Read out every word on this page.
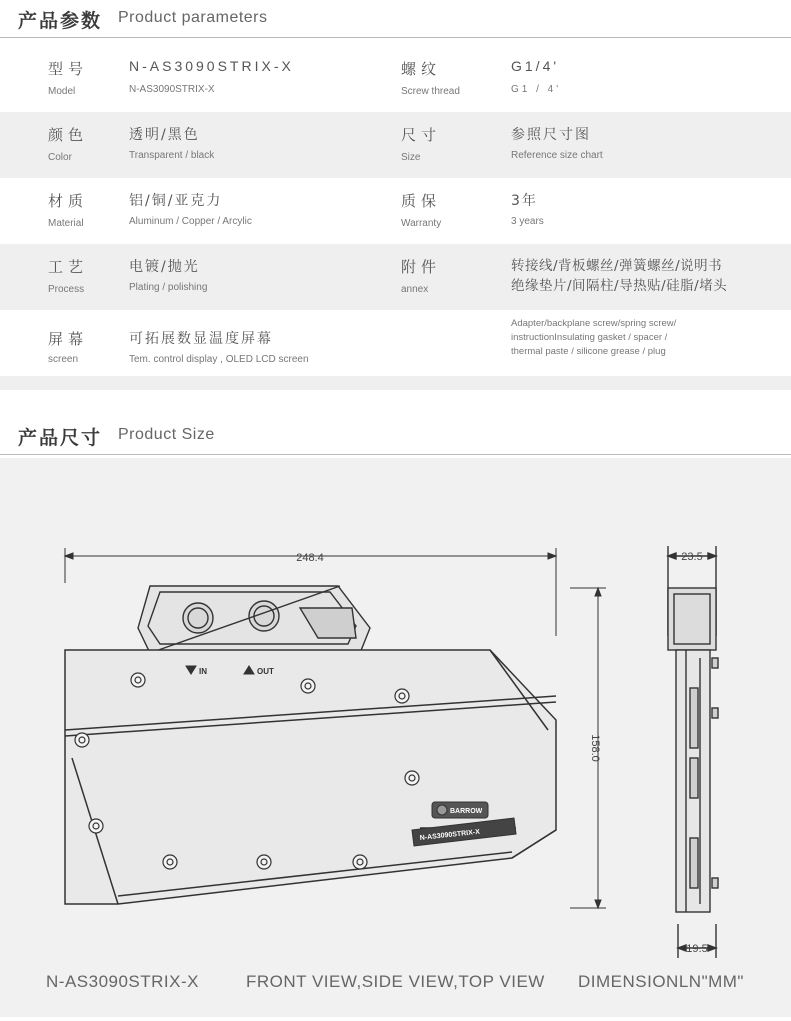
产品参数 Product parameters
型号
Model
N-AS3090STRIX-X
N-AS3090STRIX-X
螺纹
Screw thread
G1/4'
G1 / 4'
颜色
Color
透明/黑色
Transparent / black
尺寸
Size
参照尺寸图
Reference size chart
材质
Material
铝/铜/亚克力
Aluminum / Copper / Arcylic
质保
Warranty
3年
3 years
工艺
Process
电镀/抛光
Plating / polishing
附件
annex
转接线/背板螺丝/弹簧螺丝/说明书
绝缘垫片/间隔柱/导热贴/硅脂/堵头
屏幕
screen
可拓展数显温度屏幕
Tem. control display , OLED LCD screen
Adapter/backplane screw/spring screw/
instructionInsulating gasket / spacer /
thermal paste / silicone grease / plug
产品尺寸 Product Size
248.4
158.0
23.5
19.5
IN	OUT
BARROW
N-AS3090STRIX-X
N-AS3090STRIX-X	FRONT VIEW,SIDE VIEW,TOP VIEW DIMENSIONLN"MM"
